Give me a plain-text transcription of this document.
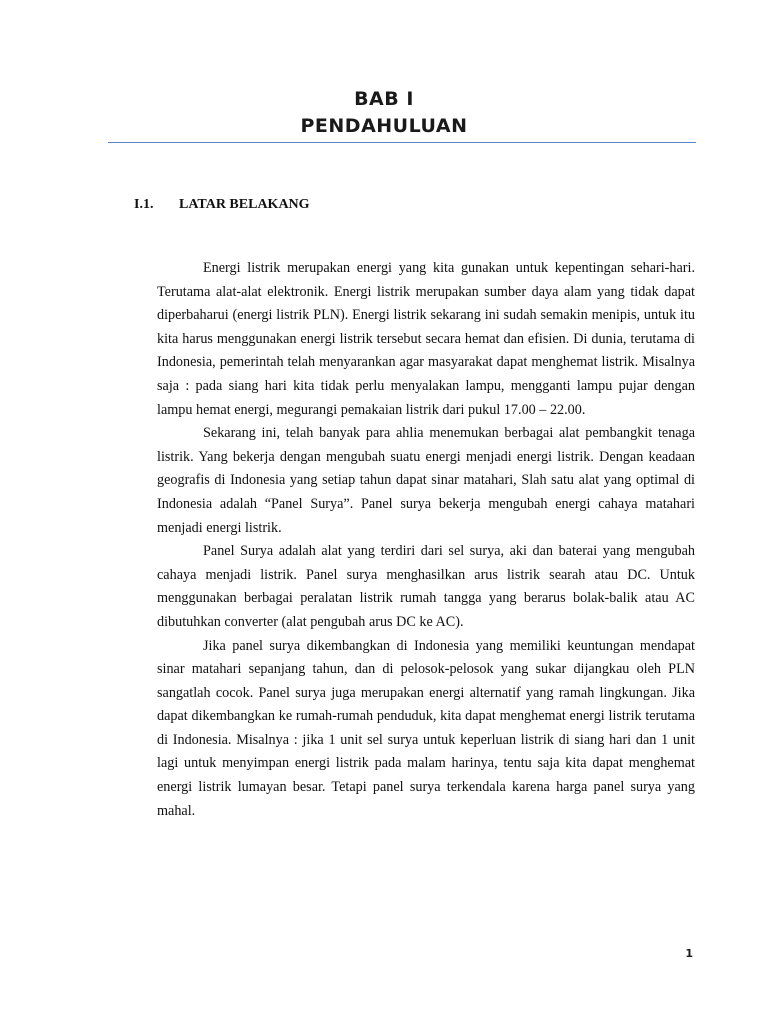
BAB I
PENDAHULUAN
I.1. LATAR BELAKANG

Energi listrik merupakan energi yang kita gunakan untuk kepentingan sehari-hari. Terutama alat-alat elektronik. Energi listrik merupakan sumber daya alam yang tidak dapat diperbaharui (energi listrik PLN). Energi listrik sekarang ini sudah semakin menipis, untuk itu kita harus menggunakan energi listrik tersebut secara hemat dan efisien. Di dunia, terutama di Indonesia, pemerintah telah menyarankan agar masyarakat dapat menghemat listrik. Misalnya saja : pada siang hari kita tidak perlu menyalakan lampu, mengganti lampu pujar dengan lampu hemat energi, megurangi pemakaian listrik dari pukul 17.00 – 22.00.

Sekarang ini, telah banyak para ahlia menemukan berbagai alat pembangkit tenaga listrik. Yang bekerja dengan mengubah suatu energi menjadi energi listrik. Dengan keadaan geografis di Indonesia yang setiap tahun dapat sinar matahari, Slah satu alat yang optimal di Indonesia adalah “Panel Surya”. Panel surya bekerja mengubah energi cahaya matahari menjadi energi listrik.

Panel Surya adalah alat yang terdiri dari sel surya, aki dan baterai yang mengubah cahaya menjadi listrik. Panel surya menghasilkan arus listrik searah atau DC. Untuk menggunakan berbagai peralatan listrik rumah tangga yang berarus bolak-balik atau AC dibutuhkan converter (alat pengubah arus DC ke AC).

Jika panel surya dikembangkan di Indonesia yang memiliki keuntungan mendapat sinar matahari sepanjang tahun, dan di pelosok-pelosok yang sukar dijangkau oleh PLN sangatlah cocok. Panel surya juga merupakan energi alternatif yang ramah lingkungan. Jika dapat dikembangkan ke rumah-rumah penduduk, kita dapat menghemat energi listrik terutama di Indonesia. Misalnya : jika 1 unit sel surya untuk keperluan listrik di siang hari dan 1 unit lagi untuk menyimpan energi listrik pada malam harinya, tentu saja kita dapat menghemat energi listrik lumayan besar. Tetapi panel surya terkendala karena harga panel surya yang mahal.

1
